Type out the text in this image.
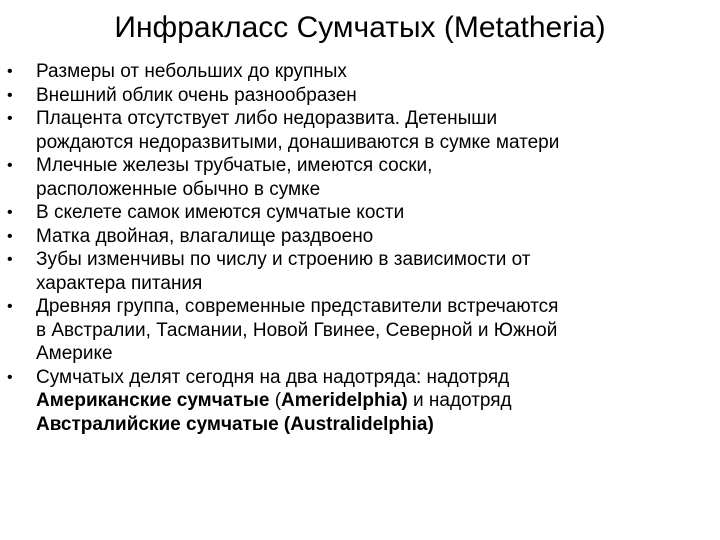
Инфракласс Сумчатых (Metatheria)
• Размеры от небольших до крупных
• Внешний облик очень разнообразен
• Плацента отсутствует либо недоразвита. Детеныши
рождаются недоразвитыми, донашиваются в сумке матери
• Млечные железы трубчатые, имеются соски,
расположенные обычно в сумке
• В скелете самок имеются сумчатые кости
• Матка двойная, влагалище раздвоено
• Зубы изменчивы по числу и строению в зависимости от
характера питания
• Древняя группа, современные представители встречаются
в Австралии, Тасмании, Новой Гвинее, Северной и Южной
Америке
• Сумчатых делят сегодня на два надотряда: надотряд
Американские сумчатые (Ameridelphia) и надотряд
Австралийские сумчатые (Australidelphia)
